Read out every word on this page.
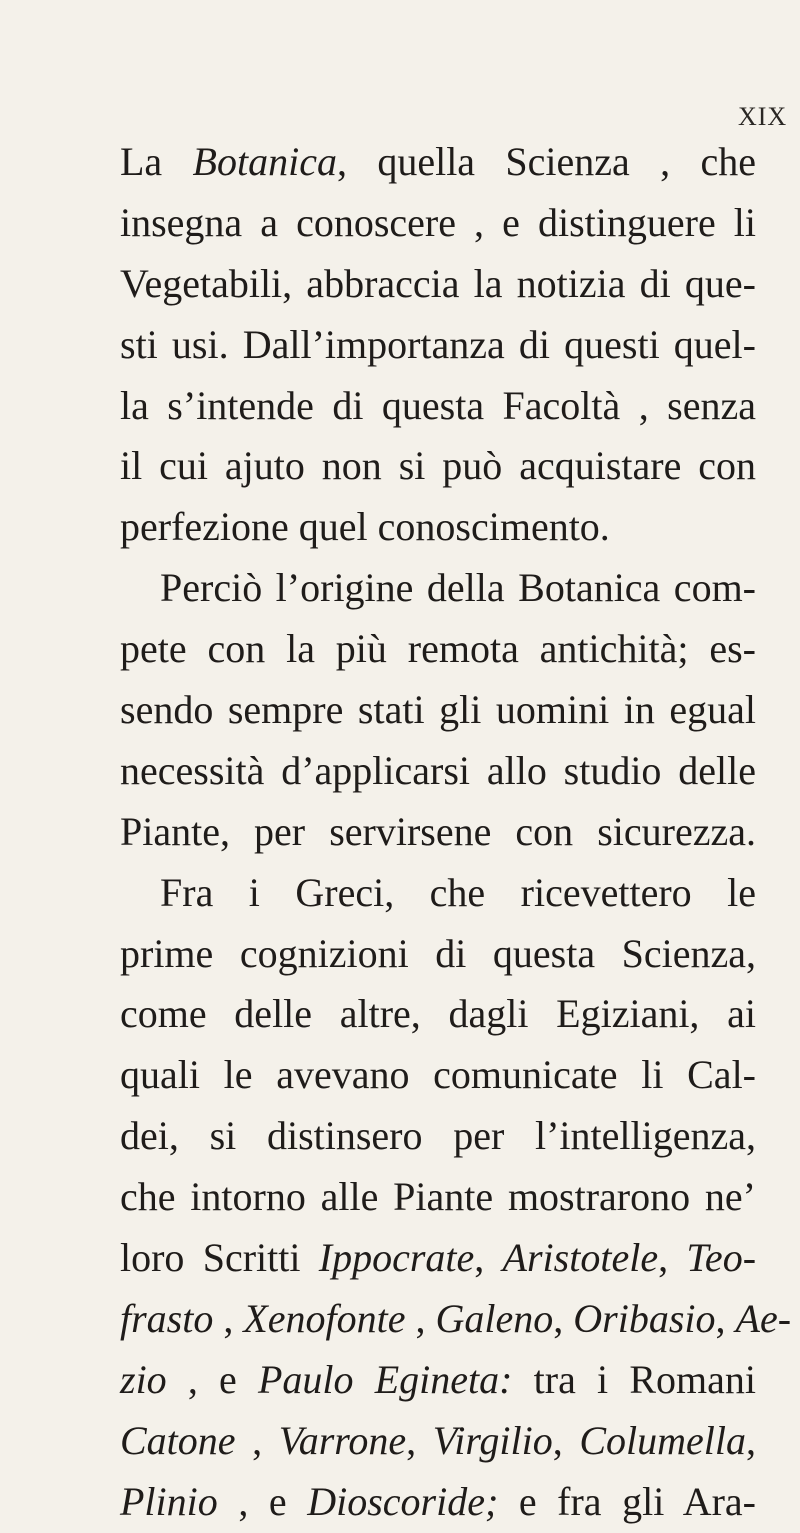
XIX
La Botanica, quella Scienza , che
insegna a conoscere , e distinguere li
Vegetabili, abbraccia la notizia di que-
sti usi. Dall’importanza di questi quel-
la s’intende di questa Facoltà , senza
il cui ajuto non si può acquistare con
perfezione quel conoscimento.
Perciò l’origine della Botanica com-
pete con la più remota antichità; es-
sendo sempre stati gli uomini in egual
necessità d’applicarsi allo studio delle
Piante, per servirsene con sicurezza.
Fra i Greci, che ricevettero le
prime cognizioni di questa Scienza,
come delle altre, dagli Egiziani, ai
quali le avevano comunicate li Cal-
dei, si distinsero per l’intelligenza,
che intorno alle Piante mostrarono ne’
loro Scritti Ippocrate, Aristotele, Teo-
frasto , Xenofonte , Galeno, Oribasio, Ae-
zio , e Paulo Egineta: tra i Romani
Catone , Varrone, Virgilio, Columella,
Plinio , e Dioscoride; e fra gli Ara-
